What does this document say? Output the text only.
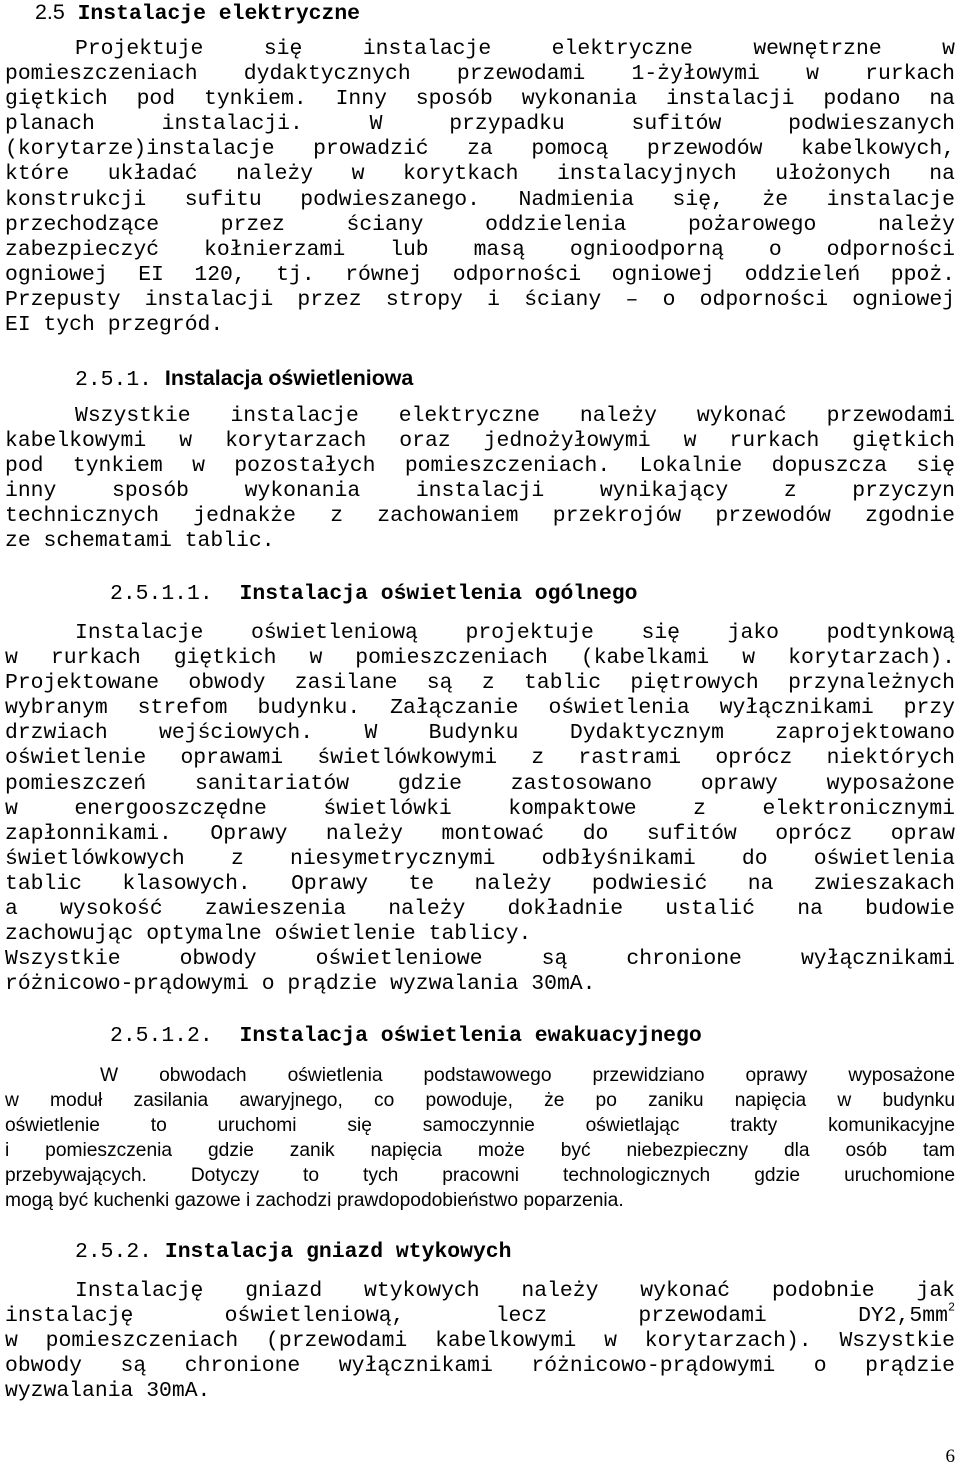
2.5 Instalacje elektryczne
Projektuje się instalacje elektryczne wewnętrzne w
pomieszczeniach dydaktycznych przewodami 1-żyłowymi w rurkach
giętkich pod tynkiem. Inny sposób wykonania instalacji podano na
planach instalacji. W przypadku sufitów podwieszanych
(korytarze)instalacje prowadzić za pomocą przewodów kabelkowych,
które układać należy w korytkach instalacyjnych ułożonych na
konstrukcji sufitu podwieszanego. Nadmienia się, że instalacje
przechodzące przez ściany oddzielenia pożarowego należy
zabezpieczyć kołnierzami lub masą ognioodporną o odporności
ogniowej EI 120, tj. równej odporności ogniowej oddzieleń ppoż.
Przepusty instalacji przez stropy i ściany – o odporności ogniowej
EI tych przegród.
2.5.1. Instalacja oświetleniowa
Wszystkie instalacje elektryczne należy wykonać przewodami
kabelkowymi w korytarzach oraz jednożyłowymi w rurkach giętkich
pod tynkiem w pozostałych pomieszczeniach. Lokalnie dopuszcza się
inny sposób wykonania instalacji wynikający z przyczyn
technicznych jednakże z zachowaniem przekrojów przewodów zgodnie
ze schematami tablic.
2.5.1.1. Instalacja oświetlenia ogólnego
Instalacje oświetleniową projektuje się jako podtynkową
w rurkach giętkich w pomieszczeniach (kabelkami w korytarzach).
Projektowane obwody zasilane są z tablic piętrowych przynależnych
wybranym strefom budynku. Załączanie oświetlenia wyłącznikami przy
drzwiach wejściowych. W Budynku Dydaktycznym zaprojektowano
oświetlenie oprawami świetlówkowymi z rastrami oprócz niektórych
pomieszczeń sanitariatów gdzie zastosowano oprawy wyposażone
w energooszczędne świetlówki kompaktowe z elektronicznymi
zapłonnikami. Oprawy należy montować do sufitów oprócz opraw
świetlówkowych z niesymetrycznymi odbłyśnikami do oświetlenia
tablic klasowych. Oprawy te należy podwiesić na zwieszakach
a wysokość zawieszenia należy dokładnie ustalić na budowie
zachowując optymalne oświetlenie tablicy.
Wszystkie obwody oświetleniowe są chronione wyłącznikami
różnicowo-prądowymi o prądzie wyzwalania 30mA.
2.5.1.2. Instalacja oświetlenia ewakuacyjnego
W obwodach oświetlenia podstawowego przewidziano oprawy wyposażone
w moduł zasilania awaryjnego, co powoduje, że po zaniku napięcia w budynku
oświetlenie to uruchomi się samoczynnie oświetlając trakty komunikacyjne
i pomieszczenia gdzie zanik napięcia może być niebezpieczny dla osób tam
przebywających. Dotyczy to tych pracowni technologicznych gdzie uruchomione
mogą być kuchenki gazowe i zachodzi prawdopodobieństwo poparzenia.
2.5.2. Instalacja gniazd wtykowych
Instalację gniazd wtykowych należy wykonać podobnie jak
instalację oświetleniową, lecz przewodami $DY2,5mm^2$
w pomieszczeniach (przewodami kabelkowymi w korytarzach). Wszystkie
obwody są chronione wyłącznikami różnicowo-prądowymi o prądzie
wyzwalania 30mA.
6
